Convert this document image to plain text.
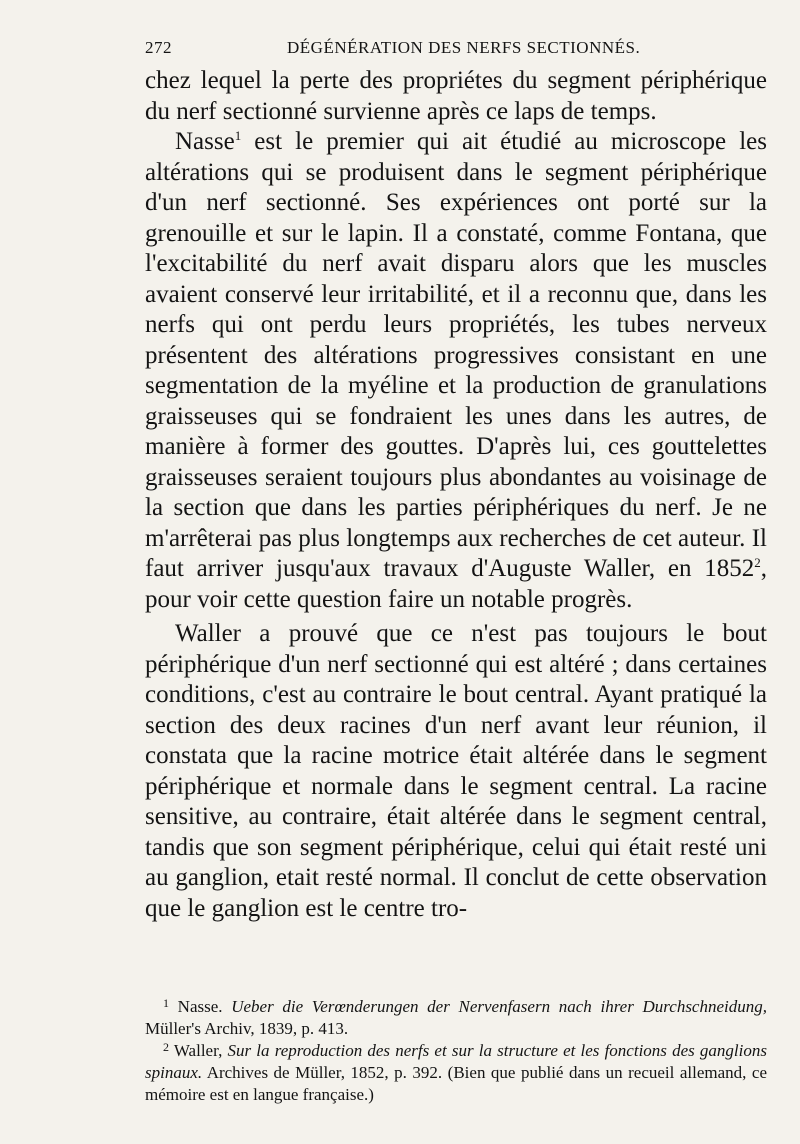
272	DÉGÉNÉRATION DES NERFS SECTIONNÉS.

chez lequel la perte des propriétes du segment périphérique du nerf sectionné survienne après ce laps de temps.

Nasse$^1$ est le premier qui ait étudié au microscope les altérations qui se produisent dans le segment périphérique d'un nerf sectionné. Ses expériences ont porté sur la grenouille et sur le lapin. Il a constaté, comme Fontana, que l'excitabilité du nerf avait disparu alors que les muscles avaient conservé leur irritabilité, et il a reconnu que, dans les nerfs qui ont perdu leurs propriétés, les tubes nerveux présentent des altérations progressives consistant en une segmentation de la myéline et la production de granulations graisseuses qui se fondraient les unes dans les autres, de manière à former des gouttes. D'après lui, ces gouttelettes graisseuses seraient toujours plus abondantes au voisinage de la section que dans les parties périphériques du nerf. Je ne m'arrêterai pas plus longtemps aux recherches de cet auteur. Il faut arriver jusqu'aux travaux d'Auguste Waller, en 1852$^2$, pour voir cette question faire un notable progrès.

Waller a prouvé que ce n'est pas toujours le bout périphérique d'un nerf sectionné qui est altéré ; dans certaines conditions, c'est au contraire le bout central. Ayant pratiqué la section des deux racines d'un nerf avant leur réunion, il constata que la racine motrice était altérée dans le segment périphérique et normale dans le segment central. La racine sensitive, au contraire, était altérée dans le segment central, tandis que son segment périphérique, celui qui était resté uni au ganglion, etait resté normal. Il conclut de cette observation que le ganglion est le centre tro-

$^1$ Nasse. Ueber die Verœnderungen der Nervenfasern nach ihrer Durchschneidung, Müller's Archiv, 1839, p. 413.

$^2$ Waller, Sur la reproduction des nerfs et sur la structure et les fonctions des ganglions spinaux. Archives de Müller, 1852, p. 392. (Bien que publié dans un recueil allemand, ce mémoire est en langue française.)
